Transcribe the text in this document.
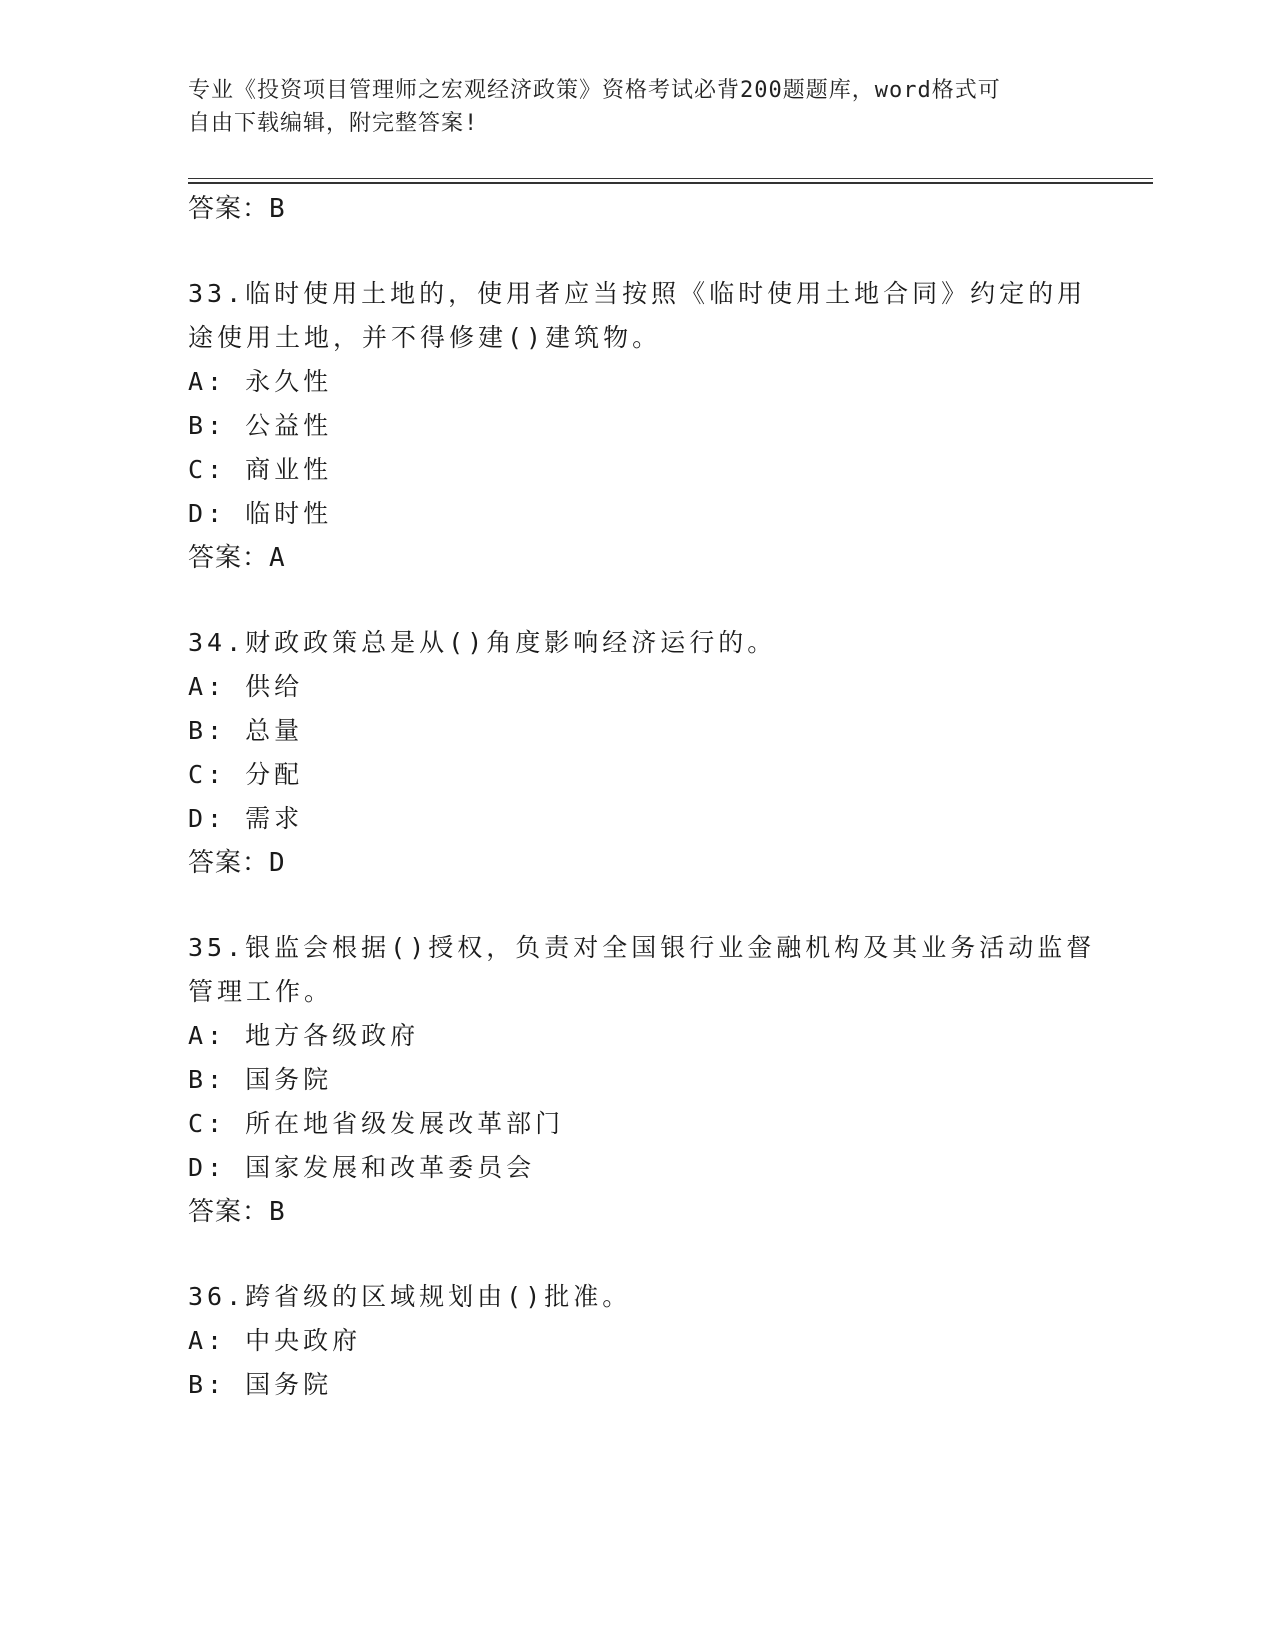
专业《投资项目管理师之宏观经济政策》资格考试必背200题题库，word格式可
自由下载编辑，附完整答案!
答案：B
33.临时使用土地的，使用者应当按照《临时使用土地合同》约定的用
途使用土地，并不得修建()建筑物。
A: 永久性
B: 公益性
C: 商业性
D: 临时性
答案：A
34.财政政策总是从()角度影响经济运行的。
A: 供给
B: 总量
C: 分配
D: 需求
答案：D
35.银监会根据()授权，负责对全国银行业金融机构及其业务活动监督
管理工作。
A: 地方各级政府
B: 国务院
C: 所在地省级发展改革部门
D: 国家发展和改革委员会
答案：B
36.跨省级的区域规划由()批准。
A: 中央政府
B: 国务院
